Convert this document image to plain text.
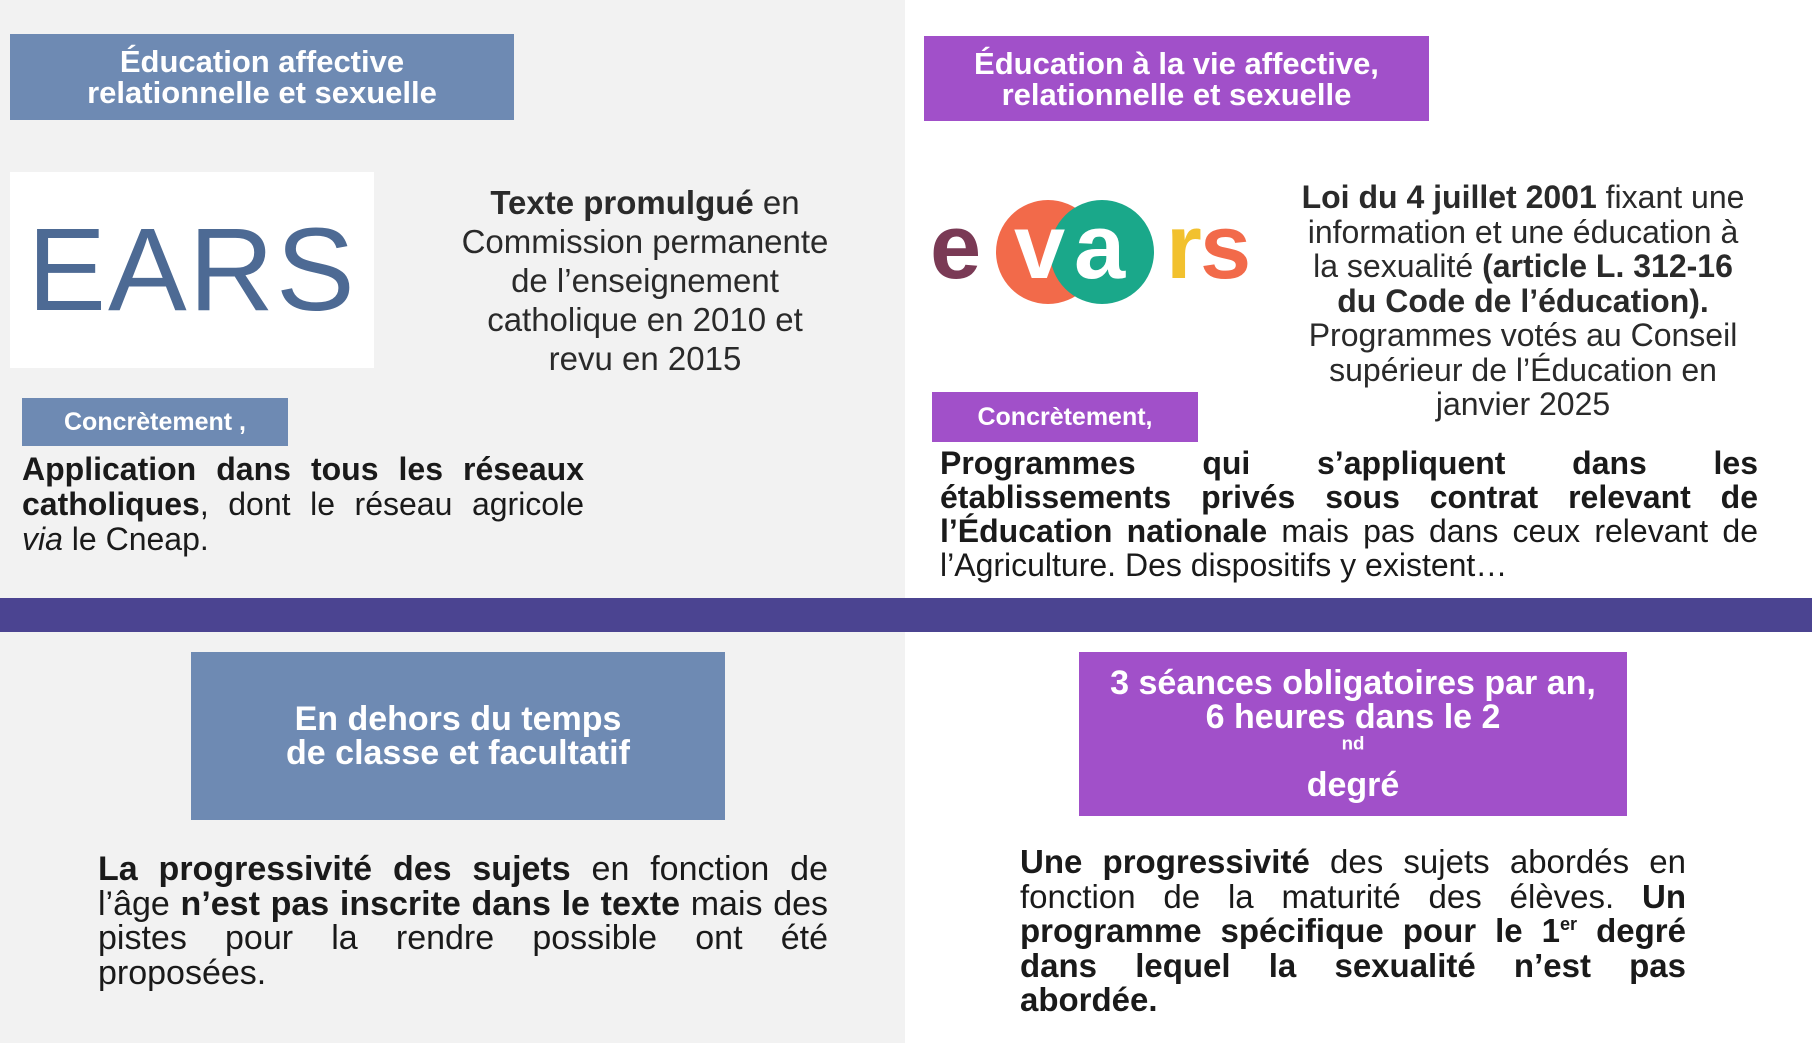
Éducation affective
relationnelle et sexuelle
EARS
Texte promulgué en
Commission permanente
de l’enseignement
catholique en 2010 et
revu en 2015
Concrètement ,
Application dans tous les réseaux catholiques, dont le réseau agricole via le Cneap.
Éducation à la vie affective,
relationnelle et sexuelle
e v a r
s	Loi du 4 juillet 2001 fixant une
information et une éducation à
la sexualité (article L. 312-16
du Code de l’éducation).
Programmes votés au Conseil
supérieur de l’Éducation en
janvier 2025
Concrètement,
Programmes qui s’appliquent dans les établissements privés sous contrat relevant de l’Éducation nationale mais pas dans ceux relevant de l’Agriculture. Des dispositifs y existent…
En dehors du temps
de classe et facultatif
La progressivité des sujets en fonction de l’âge n’est pas inscrite dans le texte mais des pistes pour la rendre possible ont été proposées.
3 séances obligatoires par an,
6 heures dans le 2
$^{nd}$
degré
Une progressivité des sujets abordés en fonction de la maturité des élèves. Un programme spécifique pour le 1er degré dans lequel la sexualité n’est pas abordée.
